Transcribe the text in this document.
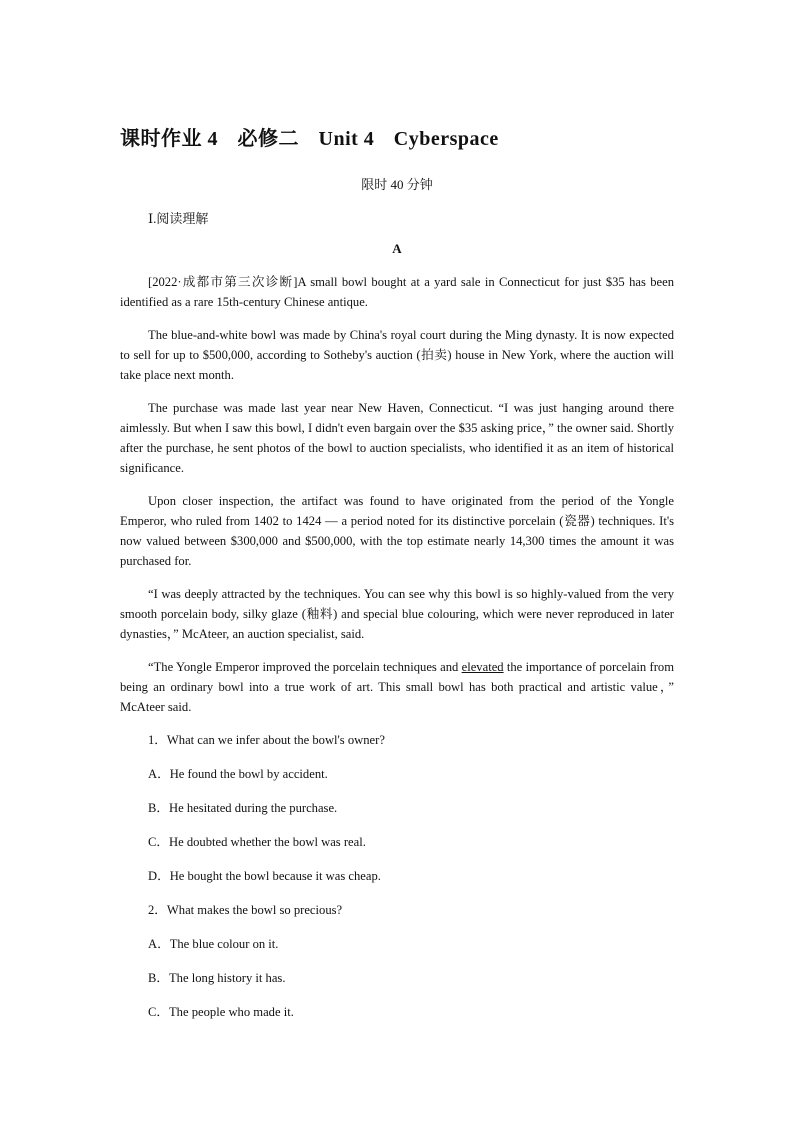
课时作业 4 必修二 Unit 4 Cyberspace
限时 40 分钟
Ⅰ.阅读理解
A

[2022·成都市第三次诊断]A small bowl bought at a yard sale in Connecticut for just $35 has been identified as a rare 15th-century Chinese antique.

The blue-and-white bowl was made by China's royal court during the Ming dynasty. It is now expected to sell for up to $500,000, according to Sotheby's auction (拍卖) house in New York, where the auction will take place next month.

The purchase was made last year near New Haven, Connecticut. “I was just hanging around there aimlessly. But when I saw this bowl, I didn't even bargain over the $35 asking price，” the owner said. Shortly after the purchase, he sent photos of the bowl to auction specialists, who identified it as an item of historical significance.

Upon closer inspection, the artifact was found to have originated from the period of the Yongle Emperor, who ruled from 1402 to 1424 — a period noted for its distinctive porcelain (瓷器) techniques. It's now valued between $300,000 and $500,000, with the top estimate nearly 14,300 times the amount it was purchased for.

“I was deeply attracted by the techniques. You can see why this bowl is so highly-valued from the very smooth porcelain body, silky glaze (釉料) and special blue colouring, which were never reproduced in later dynasties，” McAteer, an auction specialist, said.

“The Yongle Emperor improved the porcelain techniques and elevated the importance of porcelain from being an ordinary bowl into a true work of art. This small bowl has both practical and artistic value，” McAteer said.

1．What can we infer about the bowl's owner?
A．He found the bowl by accident.
B．He hesitated during the purchase.
C．He doubted whether the bowl was real.
D．He bought the bowl because it was cheap.
2．What makes the bowl so precious?
A．The blue colour on it.
B．The long history it has.
C．The people who made it.
